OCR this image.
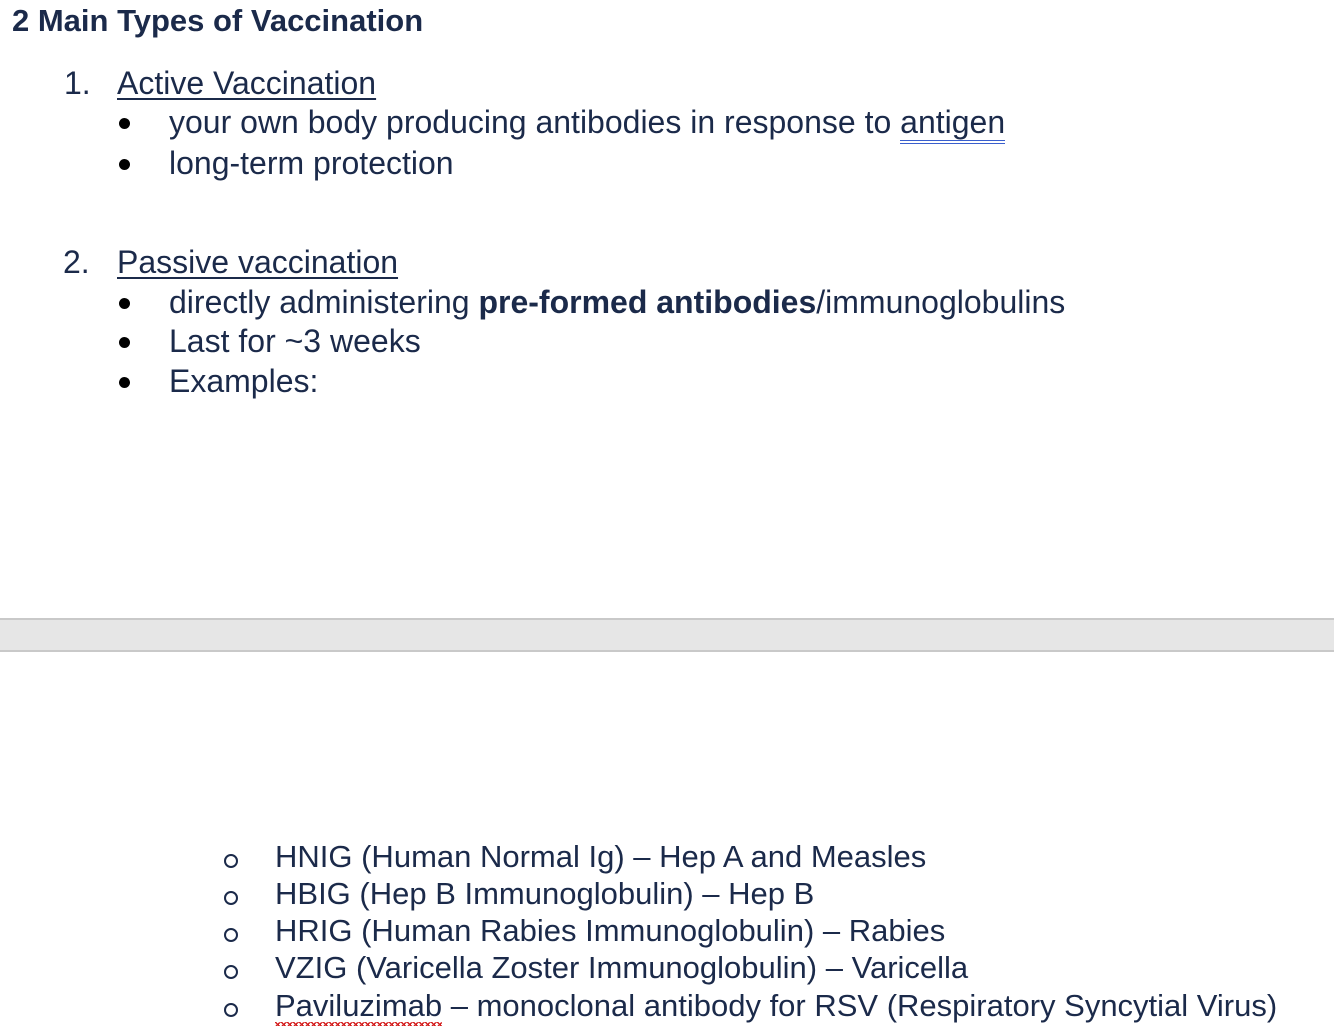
2 Main Types of Vaccination
1. Active Vaccination
your own body producing antibodies in response to antigen
long-term protection
2. Passive vaccination
directly administering pre-formed antibodies/immunoglobulins
Last for ~3 weeks
Examples:
HNIG (Human Normal Ig) – Hep A and Measles
HBIG (Hep B Immunoglobulin) – Hep B
HRIG (Human Rabies Immunoglobulin) – Rabies
VZIG (Varicella Zoster Immunoglobulin) – Varicella
Paviluzimab – monoclonal antibody for RSV (Respiratory Syncytial Virus)
